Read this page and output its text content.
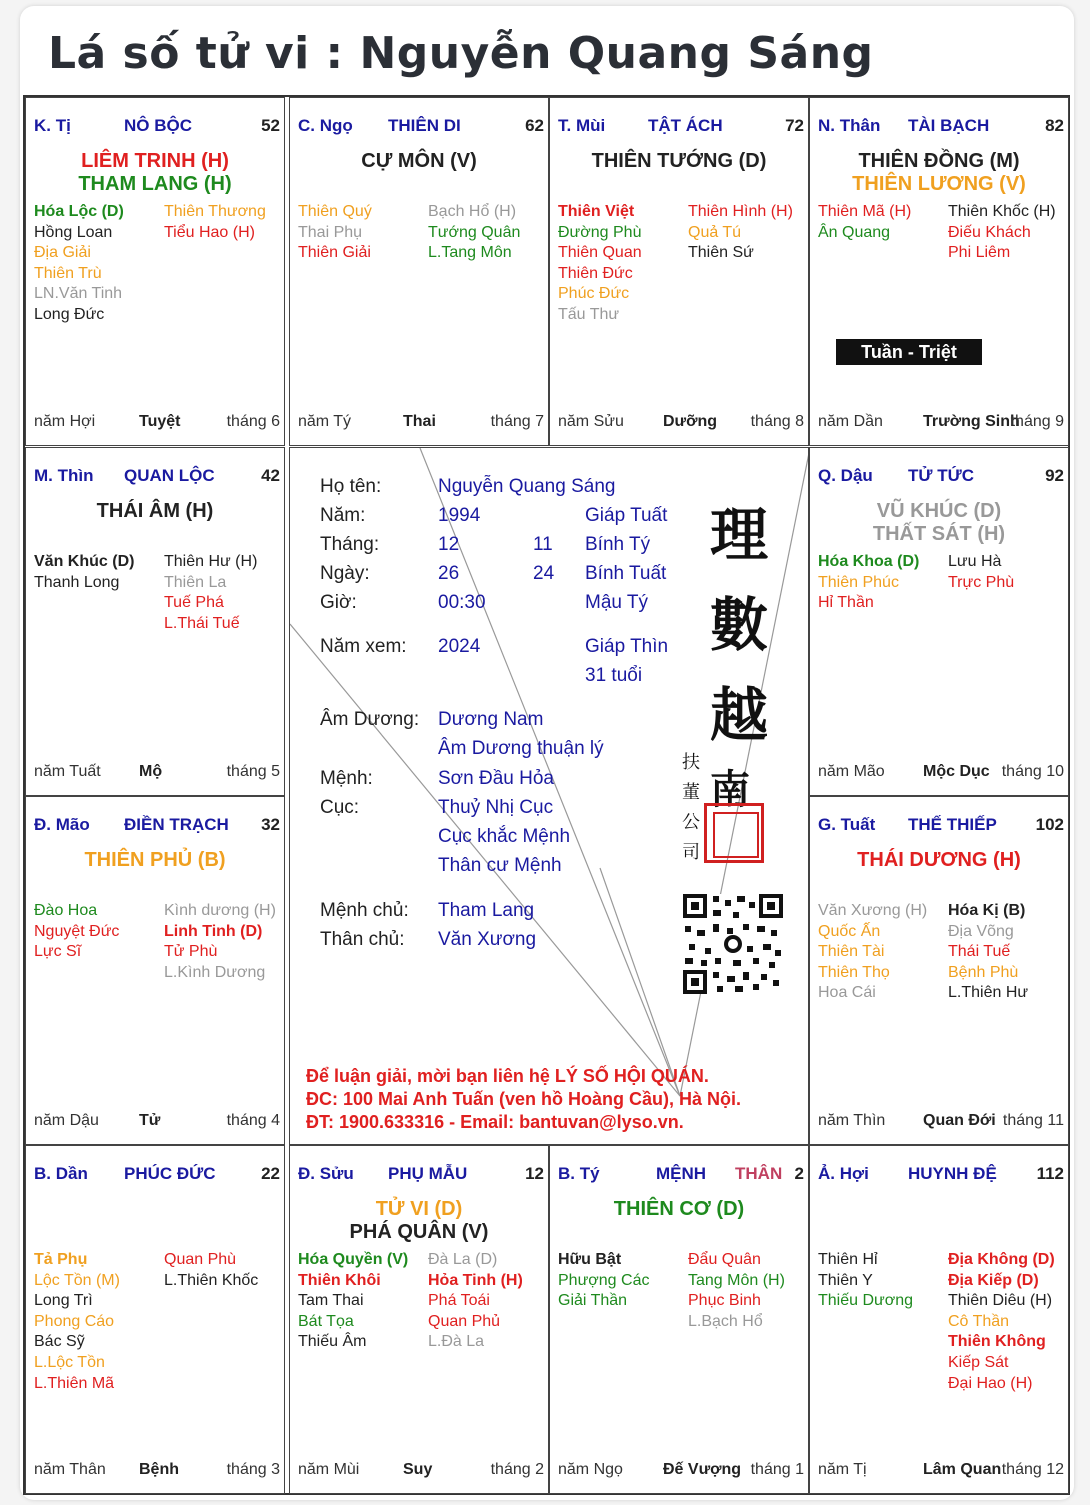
Lá số tử vi : Nguyễn Quang Sáng
Họ tên:	Nguyễn Quang Sáng
Năm:	1994	Giáp Tuất
Tháng:	12	11 Bính Tý
Ngày:	26	24 Bính Tuất
Giờ:	00:30	Mậu Tý
Năm xem: 2024	Giáp Thìn
31 tuổi
Âm Dương: Dương Nam
Âm Dương thuận lý
Mệnh:	Sơn Đầu Hỏa
Cục:	Thuỷ Nhị Cục
Cục khắc Mệnh
Thân cư Mệnh
Mệnh chủ: Tham Lang
Thân chủ: Văn Xương
理
數
越
南
扶
董
公
司
Để luận giải, mời bạn liên hệ LÝ SỐ HỘI QUÁN.
ĐC: 100 Mai Anh Tuấn (ven hồ Hoàng Cầu), Hà Nội.
ĐT: 1900.633316 - Email: bantuvan@lyso.vn.
K. Tị	NÔ BỘC	52
LIÊM TRINH (H)
THAM LANG (H)
Hóa Lộc (D)
Hồng Loan
Địa Giải
Thiên Trù
LN.Văn Tinh
Long Đức
Thiên Thương
Tiểu Hao (H)
năm Hợi	Tuyệt	tháng 6
C. Ngọ THIÊN DI	62
CỰ MÔN (V)
Thiên Quý
Thai Phụ
Thiên Giải
Bạch Hổ (H)
Tướng Quân
L.Tang Môn
năm Tý	Thai	tháng 7
T. Mùi	TẬT ÁCH	72
THIÊN TƯỚNG (D)
Thiên Việt
Đường Phù
Thiên Quan
Thiên Đức
Phúc Đức
Tấu Thư
Thiên Hình (H)
Quả Tú
Thiên Sứ
năm Sửu Dưỡng tháng 8
N. Thân TÀI BẠCH	82
THIÊN ĐỒNG (M)
THIÊN LƯƠNG (V)
Thiên Mã (H)
Ân Quang
Thiên Khốc (H)
Điếu Khách
Phi Liêm
năm Dần	Trường Sinh
tháng 9
M. Thìn QUAN LỘC	42
THÁI ÂM (H)
Văn Khúc (D)
Thanh Long
Thiên Hư (H)
Thiên La
Tuế Phá
L.Thái Tuế
năm Tuất Mộ	tháng 5
Q. Dậu TỬ TỨC	92
VŨ KHÚC (D)
THẤT SÁT (H)
Hóa Khoa (D)
Thiên Phúc
Hỉ Thần
Lưu Hà
Trực Phù
năm Mão Mộc Dục tháng 10
Đ. Mão ĐIỀN TRẠCH 32
THIÊN PHỦ (B)
Đào Hoa
Nguyệt Đức
Lực Sĩ
Kình dương (H)
Linh Tinh (D)
Tử Phù
L.Kình Dương
năm Dậu	Tử	tháng 4
G. Tuất THẾ THIẾP 102
THÁI DƯƠNG (H)
Văn Xương (H)
Quốc Ấn
Thiên Tài
Thiên Thọ
Hoa Cái
Hóa Kị (B)
Địa Võng
Thái Tuế
Bệnh Phù
L.Thiên Hư
năm Thìn Quan Đới tháng 11
B. Dần PHÚC ĐỨC	22
Tả Phụ
Lộc Tồn (M)
Long Trì
Phong Cáo
Bác Sỹ
L.Lộc Tồn
L.Thiên Mã
Quan Phù
L.Thiên Khốc
năm Thân Bệnh	tháng 3
Đ. Sửu PHỤ MẪU	12
TỬ VI (D)
PHÁ QUÂN (V)
Hóa Quyền (V)
Thiên Khôi
Tam Thai
Bát Tọa
Thiếu Âm
Đà La (D)
Hỏa Tinh (H)
Phá Toái
Quan Phủ
L.Đà La
năm Mùi	Suy	tháng 2
B. Tý	MỆNH THÂN 2
THIÊN CƠ (D)
Hữu Bật
Phượng Các
Giải Thần
Đẩu Quân
Tang Môn (H)
Phục Binh
L.Bạch Hổ
năm Ngọ	Đế Vượng tháng 1
Ả. Hợi HUYNH ĐỆ 112
Thiên Hỉ
Thiên Y
Thiếu Dương
Địa Không (D)
Địa Kiếp (D)
Thiên Diêu (H)
Cô Thần
Thiên Không
Kiếp Sát
Đại Hao (H)
năm Tị	Lâm Quan tháng 12
Tuần - Triệt
